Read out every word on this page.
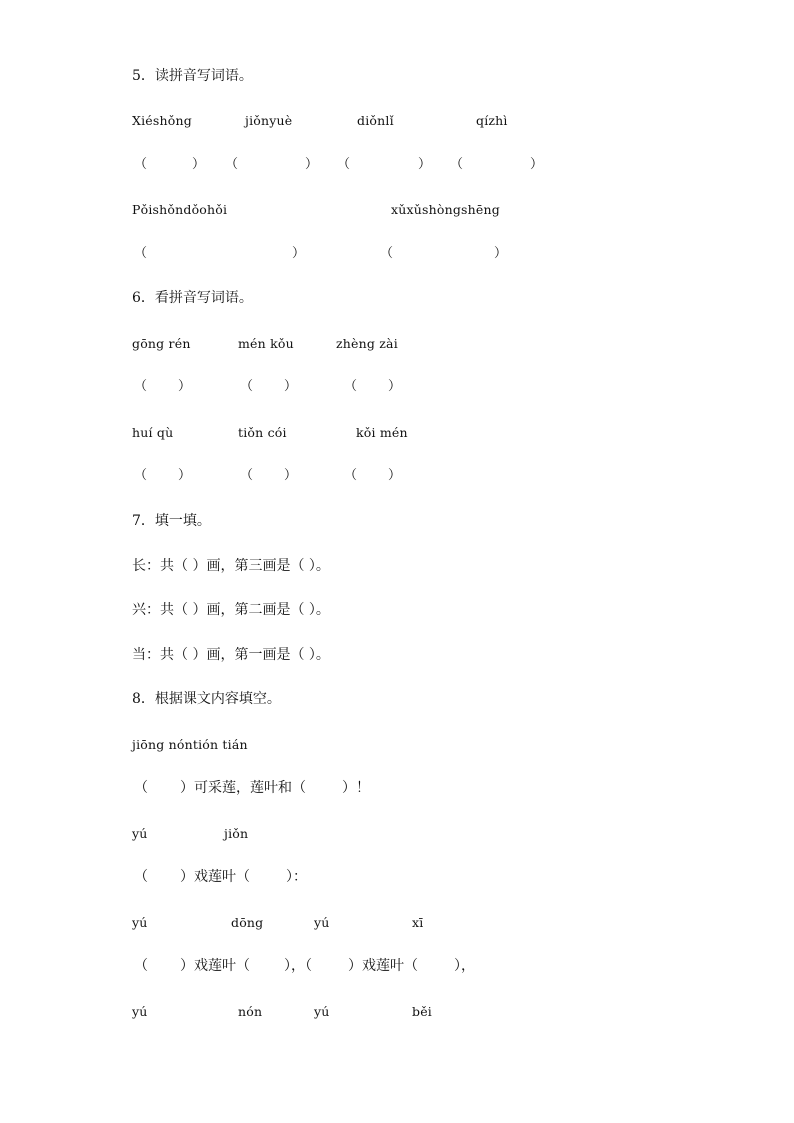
5．读拼音写词语。
Xiéshǒng	jiǒnyuè	diǒnlǐ	qízhì
（	） （	） （	） （	）
Pǒishǒndǒohǒi	xǔxǔshòngshēng
（	）	（	）
6．看拼音写词语。
gōng rén	mén kǒu	zhèng zài
（ ）	（ ）	（ ）
huí qù	tiǒn cói	kǒi mén
（ ）	（ ）	（ ）
7．填一填。
长：共（ ）画，第三画是（ ）。
兴：共（ ）画，第二画是（ ）。
当：共（ ）画，第一画是（ ）。
8．根据课文内容填空。
jiōng nónti​ón tián
（ ）可采莲，莲叶和（	）！
yú	jiǒn
（ ）戏莲叶（	）：
yú	dōng	yú	xī
（ ）戏莲叶（ ），（	）戏莲叶（	），
yú	nón	yú	běi
